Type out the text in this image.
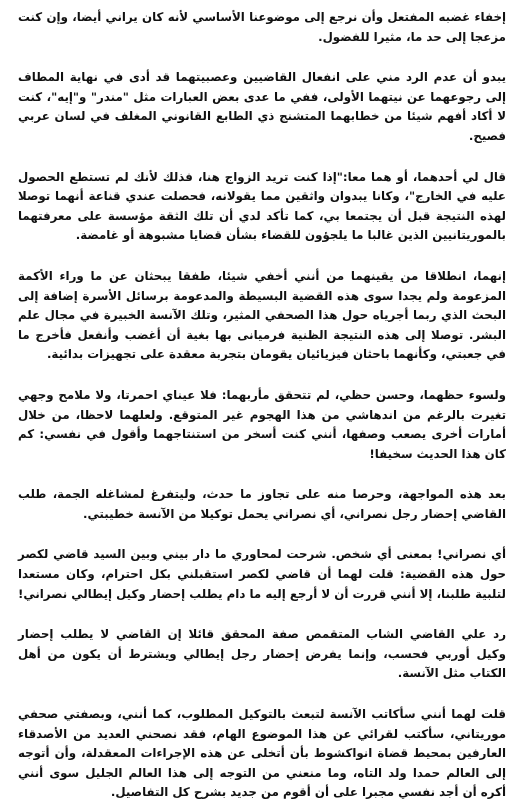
إخفاء غضبه المفتعل وأن نرجع إلى موضوعنا الأساسي لأنه كان يراني أيضا، وإن كنت مزعجا إلى حد ما، مثيرا للفضول.

يبدو أن عدم الرد مني على انفعال القاضيين وعصبيتهما قد أدى في نهاية المطاف إلى رجوعهما عن نيتهما الأولى، ففي ما عدى بعض العبارات مثل "مندر" و"إيه"، كنت لا أكاد أفهم شيئا من خطابهما المتشنج ذي الطابع القانوني المغلف في لسان عربي فصيح.

قال لي أحدهما، أو هما معا:"إذا كنت تريد الزواج هنا، فذلك لأنك لم تستطع الحصول عليه في الخارج"، وكانا يبدوان واثقين مما يقولانه، فحصلت عندي قناعة أنهما توصلا لهذه النتيجة قبل أن يجتمعا بي، كما تأكد لدي أن تلك الثقة مؤسسة على معرفتهما بالموريتانيين الذين غالبا ما يلجؤون للقضاء بشأن قضايا مشبوهة أو غامضة.

إنهما، انطلاقا من يقينهما من أنني أخفي شيئا، طفقا يبحثان عن ما وراء الأكمة المزعومة ولم يجدا سوى هذه القضية البسيطة والمدعومة برسائل الأسرة إضافة إلى البحث الذي ربما أجرياه حول هذا الصحفي المثير، وتلك الآنسة الخبيرة في مجال علم البشر. توصلا إلى هذه النتيجة الظنية فرميانى بها بغية أن أغضب وأنفعل فأخرج ما في جعبتي، وكأنهما باحثان فيزيائيان يقومان بتجربة معقدة على تجهيزات بدائية.

ولسوء حظهما، وحسن حظي، لم تتحقق مأربهما: فلا عيناي احمرتا، ولا ملامح وجهي تغيرت بالرغم من اندهاشي من هذا الهجوم غير المتوقع. ولعلهما لاحظا، من خلال أمارات أخرى يصعب وصفها، أنني كنت أسخر من استنتاجهما وأقول في نفسي: كم كان هذا الحديث سخيفا!

بعد هذه المواجهة، وحرصا منه على تجاوز ما حدث، وليتفرغ لمشاغله الجمة، طلب القاضي إحضار رجل نصراني، أي نصراني يحمل توكيلا من الآنسة خطيبتي.

أي نصراني! بمعنى أي شخص. شرحت لمحاوري ما دار بيني وبين السيد قاضي لكصر حول هذه القضية: قلت لهما أن قاضي لكصر استقبلني بكل احترام، وكان مستعدا لتلبية طلبنا، إلا أنني قررت أن لا أرجع إليه ما دام يطلب إحضار وكيل إيطالي نصراني!

رد علي القاضي الشاب المتقمص صفة المحقق قائلا إن القاضي لا يطلب إحضار وكيل أوربي فحسب، وإنما يفرض إحضار رجل إيطالي ويشترط أن يكون من أهل الكتاب مثل الآنسة.

قلت لهما أنني سأكاتب الآنسة لتبعث بالتوكيل المطلوب، كما أنني، وبصفتي صحفي موريتاني، سأكتب لقرائي عن هذا الموضوع الهام، فقد نصحني العديد من الأصدقاء العارفين بمحيط قضاة انواكشوط بأن أتخلى عن هذه الإجراءات المعقدلة، وأن أتوجه إلى العالم حمدا ولد التاه، وما منعني من التوجه إلى هذا العالم الجليل سوى أنني أكره أن أجد نفسي مجبرا على أن أقوم من جديد بشرح كل التفاصيل.
